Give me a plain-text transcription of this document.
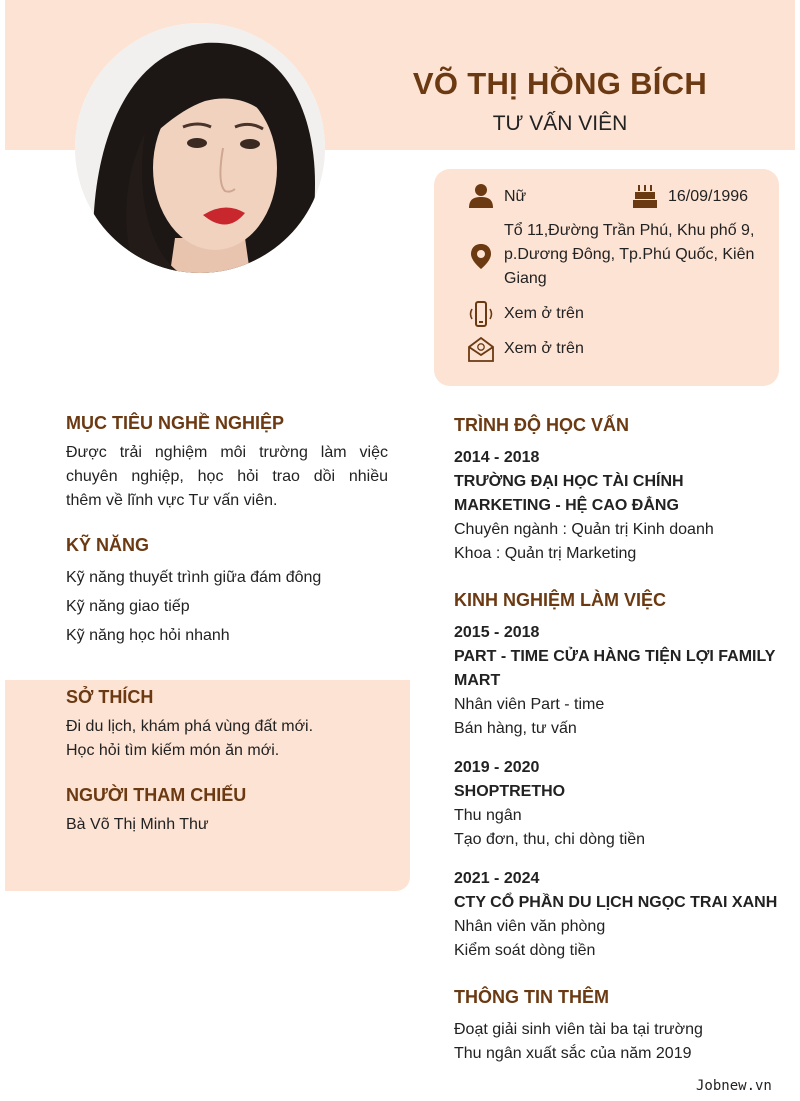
VÕ THỊ HỒNG BÍCH
TƯ VẤN VIÊN
Nữ	16/09/1996
Tổ 11,Đường Trần Phú, Khu phố 9,
p.Dương Đông, Tp.Phú Quốc, Kiên
Giang
Xem ở trên
Xem ở trên
MỤC TIÊU NGHỀ NGHIỆP
Được trải nghiệm môi trường làm việc
chuyên nghiệp, học hỏi trao dồi nhiều
thêm về lĩnh vực Tư vấn viên.
KỸ NĂNG
Kỹ năng thuyết trình giữa đám đông
Kỹ năng giao tiếp
Kỹ năng học hỏi nhanh
SỞ THÍCH
Đi du lịch, khám phá vùng đất mới.
Học hỏi tìm kiếm món ăn mới.
NGƯỜI THAM CHIẾU
Bà Võ Thị Minh Thư
TRÌNH ĐỘ HỌC VẤN
2014 - 2018
TRƯỜNG ĐẠI HỌC TÀI CHÍNH
MARKETING - HỆ CAO ĐẲNG
Chuyên ngành : Quản trị Kinh doanh
Khoa : Quản trị Marketing
KINH NGHIỆM LÀM VIỆC
2015 - 2018
PART - TIME CỬA HÀNG TIỆN LỢI FAMILY
MART
Nhân viên Part - time
Bán hàng, tư vấn
2019 - 2020
SHOPTRETHO
Thu ngân
Tạo đơn, thu, chi dòng tiền
2021 - 2024
CTY CỔ PHẦN DU LỊCH NGỌC TRAI XANH
Nhân viên văn phòng
Kiểm soát dòng tiền
THÔNG TIN THÊM
Đoạt giải sinh viên tài ba tại trường
Thu ngân xuất sắc của năm 2019
Jobnew.vn
